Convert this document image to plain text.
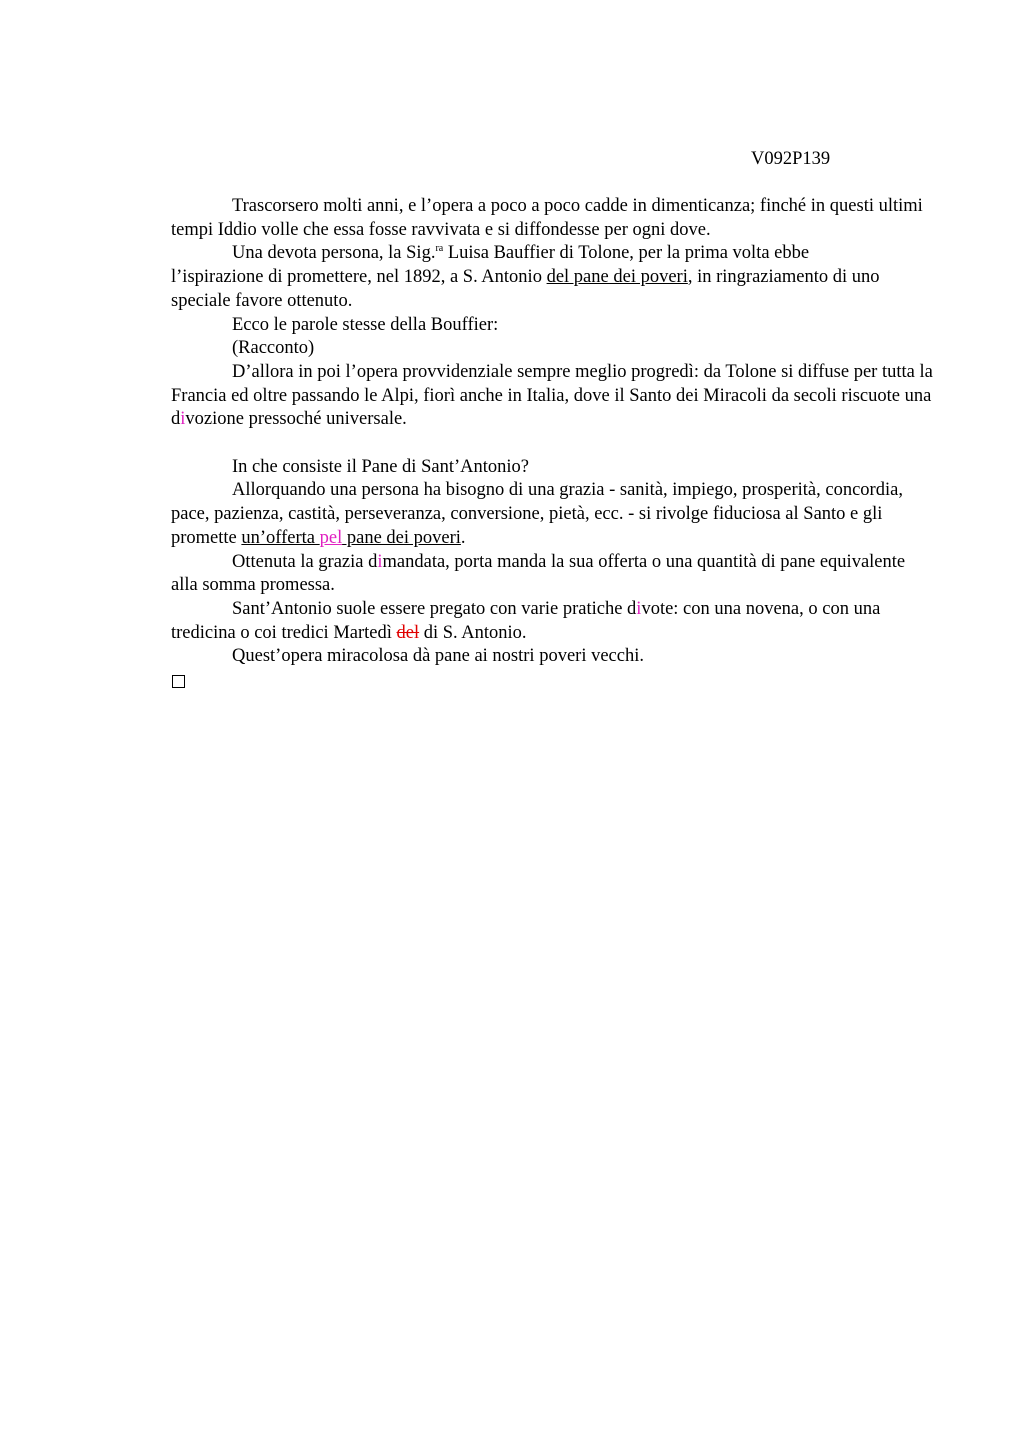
V092P139

Trascorsero molti anni, e l’opera a poco a poco cadde in dimenticanza; finché in questi ultimi tempi Iddio volle che essa fosse ravvivata e si diffondesse per ogni dove.

Una devota persona, la Sig.$^{ra}$ Luisa Bauffier di Tolone, per la prima volta ebbe
l’ispirazione di promettere, nel 1892, a S. Antonio del pane dei poveri, in ringraziamento di uno speciale favore ottenuto.

Ecco le parole stesse della Bouffier:

(Racconto)

D’allora in poi l’opera provvidenziale sempre meglio progredì: da Tolone si diffuse per tutta la Francia ed oltre passando le Alpi, fiorì anche in Italia, dove il Santo dei Miracoli da secoli riscuote una divozione pressoché universale.

In che consiste il Pane di Sant’Antonio?

Allorquando una persona ha bisogno di una grazia - sanità, impiego, prosperità, concordia, pace, pazienza, castità, perseveranza, conversione, pietà, ecc. - si rivolge fiduciosa al Santo e gli promette un’offerta pel pane dei poveri.

Ottenuta la grazia dimandata, porta manda la sua offerta o una quantità di pane equivalente alla somma promessa.

Sant’Antonio suole essere pregato con varie pratiche divote: con una novena, o con una tredicina o coi tredici Martedì del di S. Antonio.

Quest’opera miracolosa dà pane ai nostri poveri vecchi.
